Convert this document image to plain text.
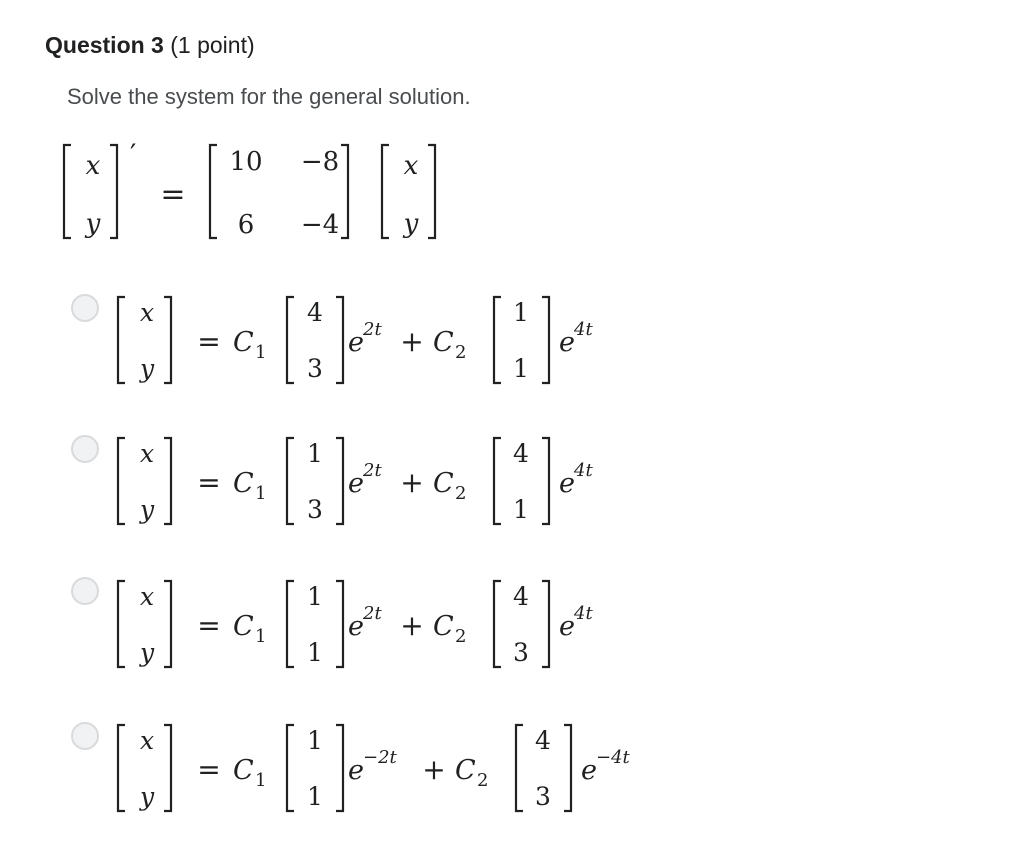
Question 3 (1 point)
Solve the system for the general solution.
x
y
′
=
10 −8
6 −4
x
y
x
y
= C 1
4
3
e 2t + C 2
1
1
e 4t
x
y
= C 1
1
3
e 2t + C 2
4
1
e 4t
x
y
= C 1
1
1
e 2t + C 2
4
3
e 4t
x
y
= C 1
1
1
e −2t + C 2
4
3
e −4t
